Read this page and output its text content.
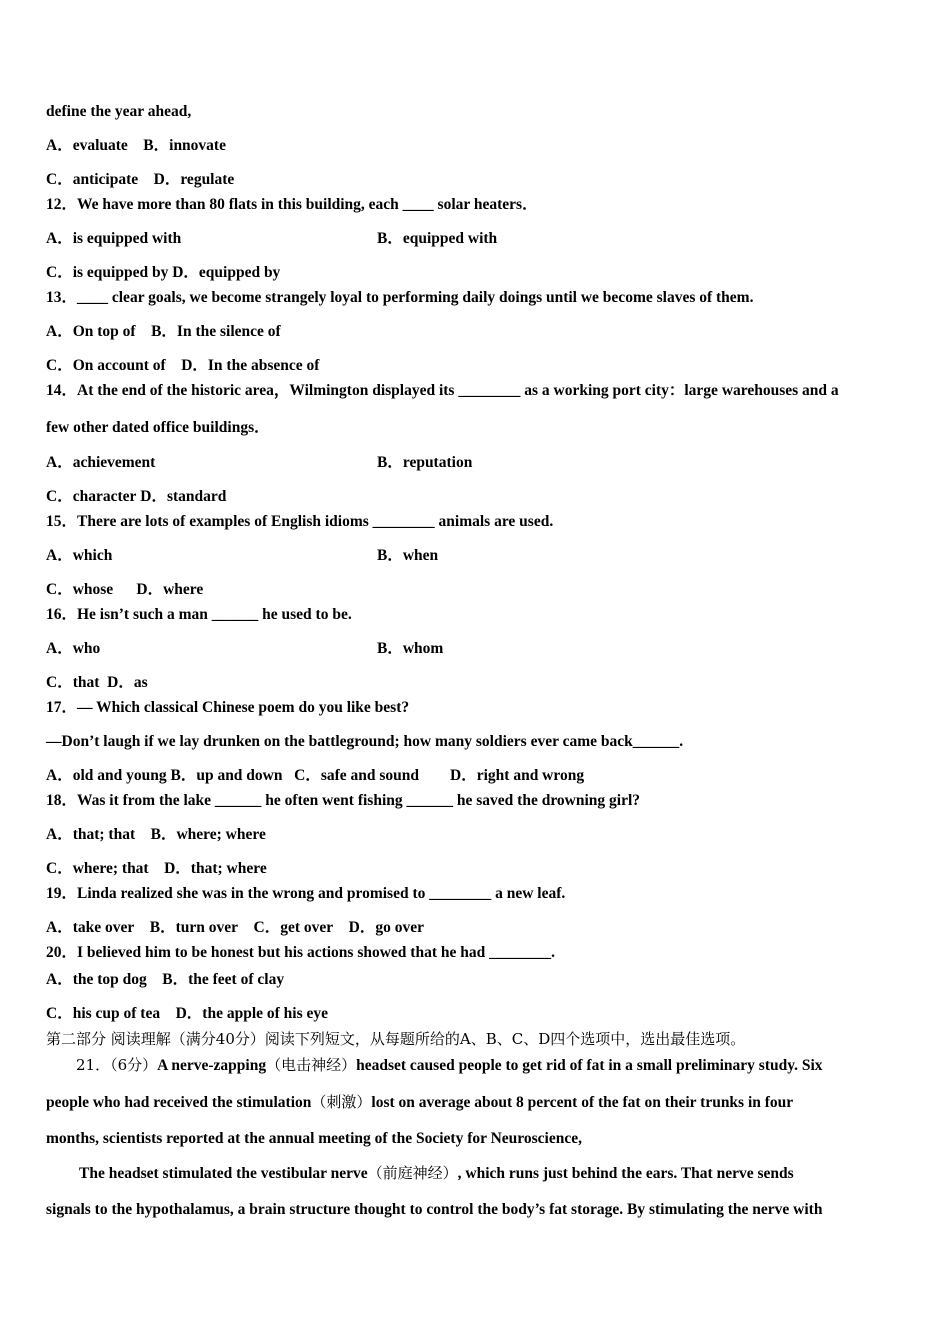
define the year ahead,
A．evaluate B．innovate
C．anticipate D．regulate
12．We have more than 80 flats in this building, each ____ solar heaters．
A．is equipped with	B．equipped with
C．is equipped by D．equipped by
13．____ clear goals, we become strangely loyal to performing daily doings until we become slaves of them.
A．On top of B．In the silence of
C．On account of D．In the absence of
14．At the end of the historic area，Wilmington displayed its ________ as a working port city：large warehouses and a
few other dated office buildings．
A．achievement	B．reputation
C．character D．standard
15．There are lots of examples of English idioms ________ animals are used.
A．which	B．when
C．whose D．where
16．He isn’t such a man ______ he used to be.
A．who	B．whom
C．that D．as
17．— Which classical Chinese poem do you like best?
—Don’t laugh if we lay drunken on the battleground; how many soldiers ever came back______.
A．old and young B．up and down C．safe and sound D．right and wrong
18．Was it from the lake ______ he often went fishing ______ he saved the drowning girl?
A．that; that B．where; where
C．where; that D．that; where
19．Linda realized she was in the wrong and promised to ________ a new leaf.
A．take over B．turn over C．get over D．go over
20．I believed him to be honest but his actions showed that he had ________.
A．the top dog B．the feet of clay
C．his cup of tea D．the apple of his eye
第二部分 阅读理解（满分40分）阅读下列短文，从每题所给的A、B、C、D四个选项中，选出最佳选项。
21．（6分）A nerve-zapping（电击神经）headset caused people to get rid of fat in a small preliminary study. Six
people who had received the stimulation（刺激）lost on average about 8 percent of the fat on their trunks in four
months, scientists reported at the annual meeting of the Society for Neuroscience,
The headset stimulated the vestibular nerve（前庭神经）, which runs just behind the ears. That nerve sends
signals to the hypothalamus, a brain structure thought to control the body’s fat storage. By stimulating the nerve with
